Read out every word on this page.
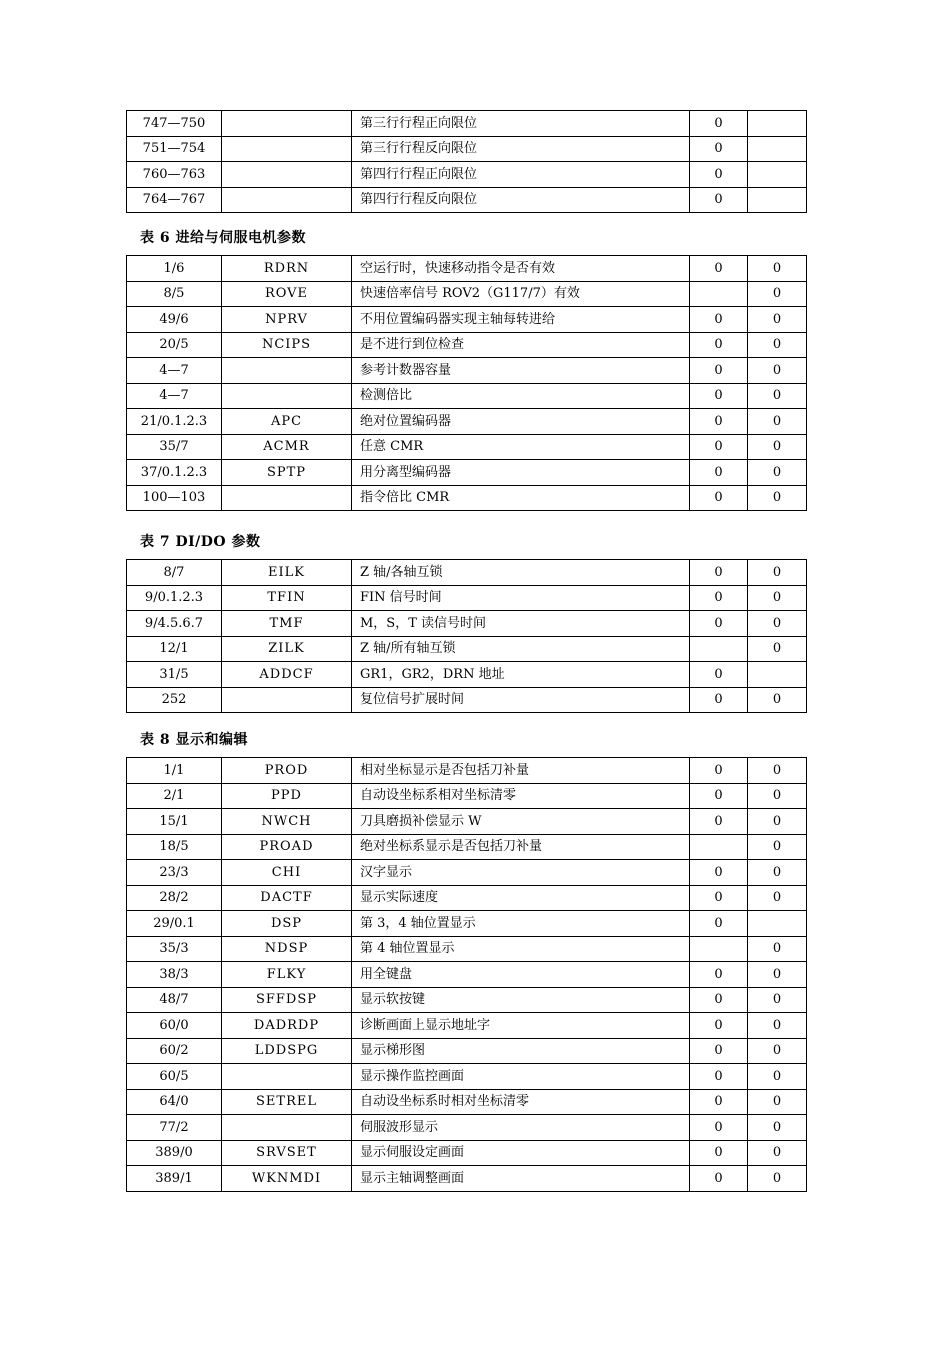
747—750		第三行行程正向限位	0	
751—754		第三行行程反向限位	0	
760—763		第四行行程正向限位	0	
764—767		第四行行程反向限位	0	
表 6 进给与伺服电机参数
1/6	RDRN	空运行时，快速移动指令是否有效	0	0
8/5	ROVE	快速倍率信号 ROV2（G117/7）有效		0
49/6	NPRV	不用位置编码器实现主轴每转进给	0	0
20/5	NCIPS	是不进行到位检查	0	0
4—7		参考计数器容量	0	0
4—7		检测倍比	0	0
21/0.1.2.3	APC	绝对位置编码器	0	0
35/7	ACMR	任意 CMR	0	0
37/0.1.2.3	SPTP	用分离型编码器	0	0
100—103		指令倍比 CMR	0	0
表 7 DI/DO 参数
8/7	EILK	Z 轴/各轴互锁	0	0
9/0.1.2.3	TFIN	FIN 信号时间	0	0
9/4.5.6.7	TMF	M，S，T 读信号时间	0	0
12/1	ZILK	Z 轴/所有轴互锁		0
31/5	ADDCF	GR1，GR2，DRN 地址	0	
252		复位信号扩展时间	0	0
表 8 显示和编辑
1/1	PROD	相对坐标显示是否包括刀补量	0	0
2/1	PPD	自动设坐标系相对坐标清零	0	0
15/1	NWCH	刀具磨损补偿显示 W	0	0
18/5	PROAD	绝对坐标系显示是否包括刀补量		0
23/3	CHI	汉字显示	0	0
28/2	DACTF	显示实际速度	0	0
29/0.1	DSP	第 3，4 轴位置显示	0	
35/3	NDSP	第 4 轴位置显示		0
38/3	FLKY	用全键盘	0	0
48/7	SFFDSP	显示软按键	0	0
60/0	DADRDP	诊断画面上显示地址字	0	0
60/2	LDDSPG	显示梯形图	0	0
60/5		显示操作监控画面	0	0
64/0	SETREL	自动设坐标系时相对坐标清零	0	0
77/2		伺服波形显示	0	0
389/0	SRVSET	显示伺服设定画面	0	0
389/1	WKNMDI	显示主轴调整画面	0	0
